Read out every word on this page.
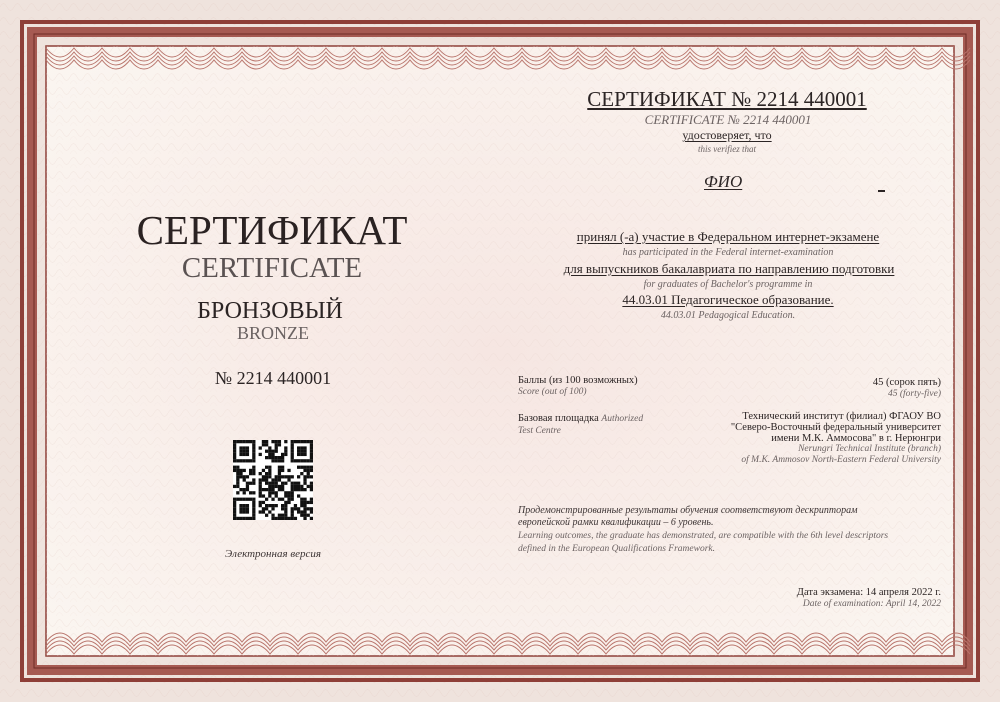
СЕРТИФИКАТ
CERTIFICATE
БРОНЗОВЫЙ
BRONZE
№ 2214 440001
Электронная версия
СЕРТИФИКАТ № 2214 440001
CERTIFICATE № 2214 440001
удостоверяет, что
this verifiez that
ФИО
принял (-а) участие в Федеральном интернет-экзамене
has participated in the Federal internet-examination
для выпускников бакалавриата по направлению подготовки
for graduates of Bachelor's programme in
44.03.01 Педагогическое образование.
44.03.01 Pedagogical Education.
Баллы (из 100 возможных)
Score (out of 100)
45 (сорок пять)
45 (forty-five)
Базовая площадка Authorized
Test Centre
Технический институт (филиал) ФГАОУ ВО
"Северо-Восточный федеральный университет
имени М.К. Аммосова" в г. Нерюнгри
Nerungri Technical Institute (branch)
of M.K. Ammosov North-Eastern Federal University
Продемонстрированные результаты обучения соответствуют дескрипторам
европейской рамки квалификации – 6 уровень.
Learning outcomes, the graduate has demonstrated, are compatible with the 6th level descriptors
defined in the European Qualifications Framework.
Дата экзамена: 14 апреля 2022 г.
Date of examination: April 14, 2022
